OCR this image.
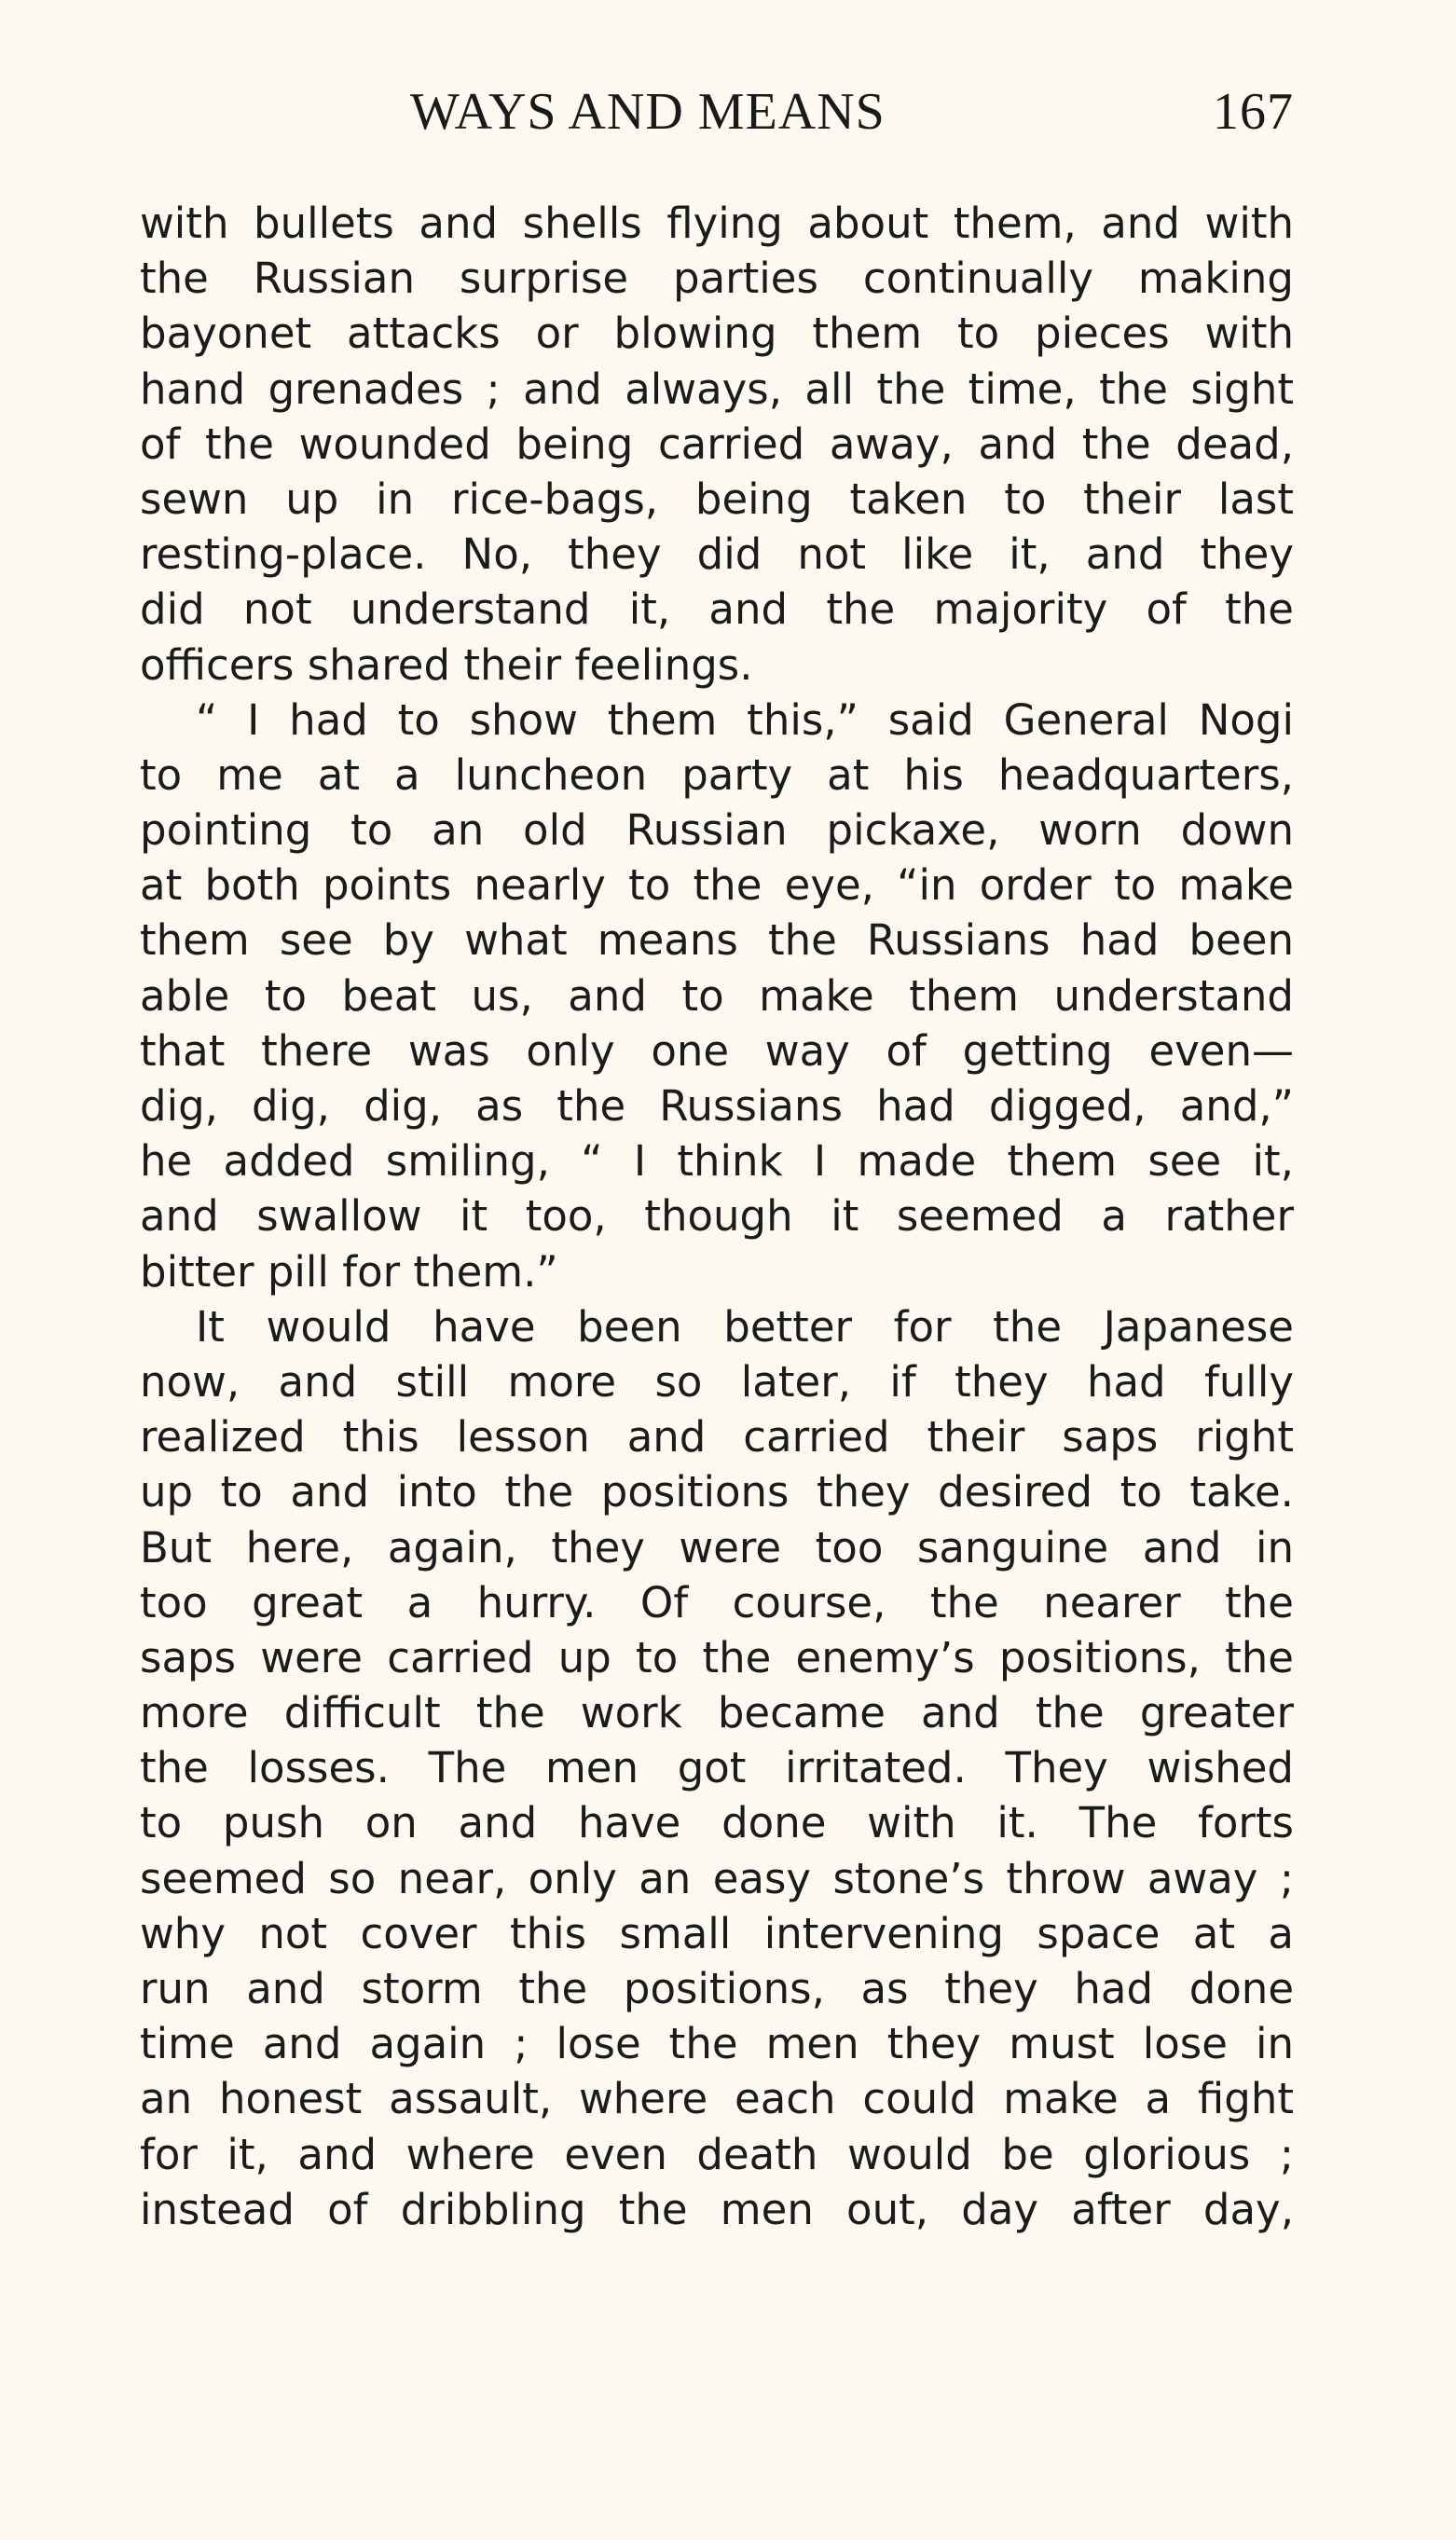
WAYS AND MEANS	167
with bullets and shells flying about them, and with
the Russian surprise parties continually making
bayonet attacks or blowing them to pieces with
hand grenades ; and always, all the time, the sight
of the wounded being carried away, and the dead,
sewn up in rice-bags, being taken to their last
resting-place. No, they did not like it, and they
did not understand it, and the majority of the
officers shared their feelings.
“ I had to show them this,” said General Nogi
to me at a luncheon party at his headquarters,
pointing to an old Russian pickaxe, worn down
at both points nearly to the eye, “in order to make
them see by what means the Russians had been
able to beat us, and to make them understand
that there was only one way of getting even—
dig, dig, dig, as the Russians had digged, and,”
he added smiling, “ I think I made them see it,
and swallow it too, though it seemed a rather
bitter pill for them.”
It would have been better for the Japanese
now, and still more so later, if they had fully
realized this lesson and carried their saps right
up to and into the positions they desired to take.
But here, again, they were too sanguine and in
too great a hurry. Of course, the nearer the
saps were carried up to the enemy’s positions, the
more difficult the work became and the greater
the losses. The men got irritated. They wished
to push on and have done with it. The forts
seemed so near, only an easy stone’s throw away ;
why not cover this small intervening space at a
run and storm the positions, as they had done
time and again ; lose the men they must lose in
an honest assault, where each could make a fight
for it, and where even death would be glorious ;
instead of dribbling the men out, day after day,
